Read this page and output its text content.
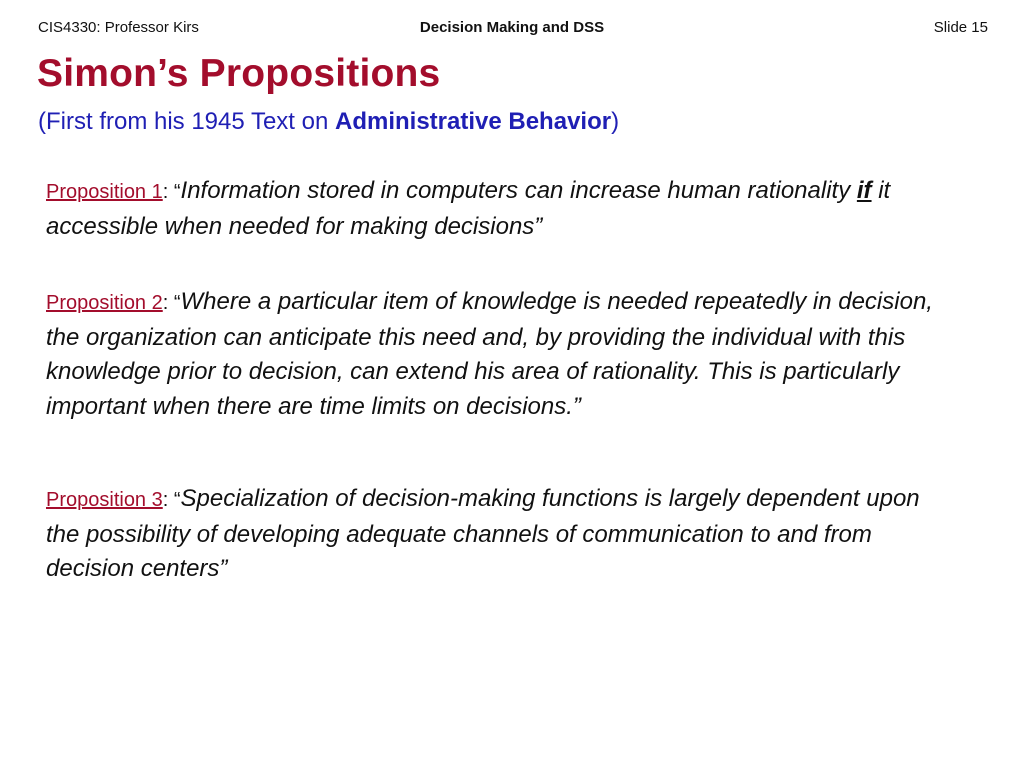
CIS4330: Professor Kirs	Decision Making and DSS	Slide 15
Simon’s Propositions
(First from his 1945 Text on Administrative Behavior)
Proposition 1: “Information stored in computers can increase human rationality if it accessible when needed for making decisions”
Proposition 2: “Where a particular item of knowledge is needed repeatedly in decision, the organization can anticipate this need and, by providing the individual with this knowledge prior to decision, can extend his area of rationality. This is particularly important when there are time limits on decisions.”
Proposition 3: “Specialization of decision-making functions is largely dependent upon the possibility of developing adequate channels of communication to and from decision centers”
